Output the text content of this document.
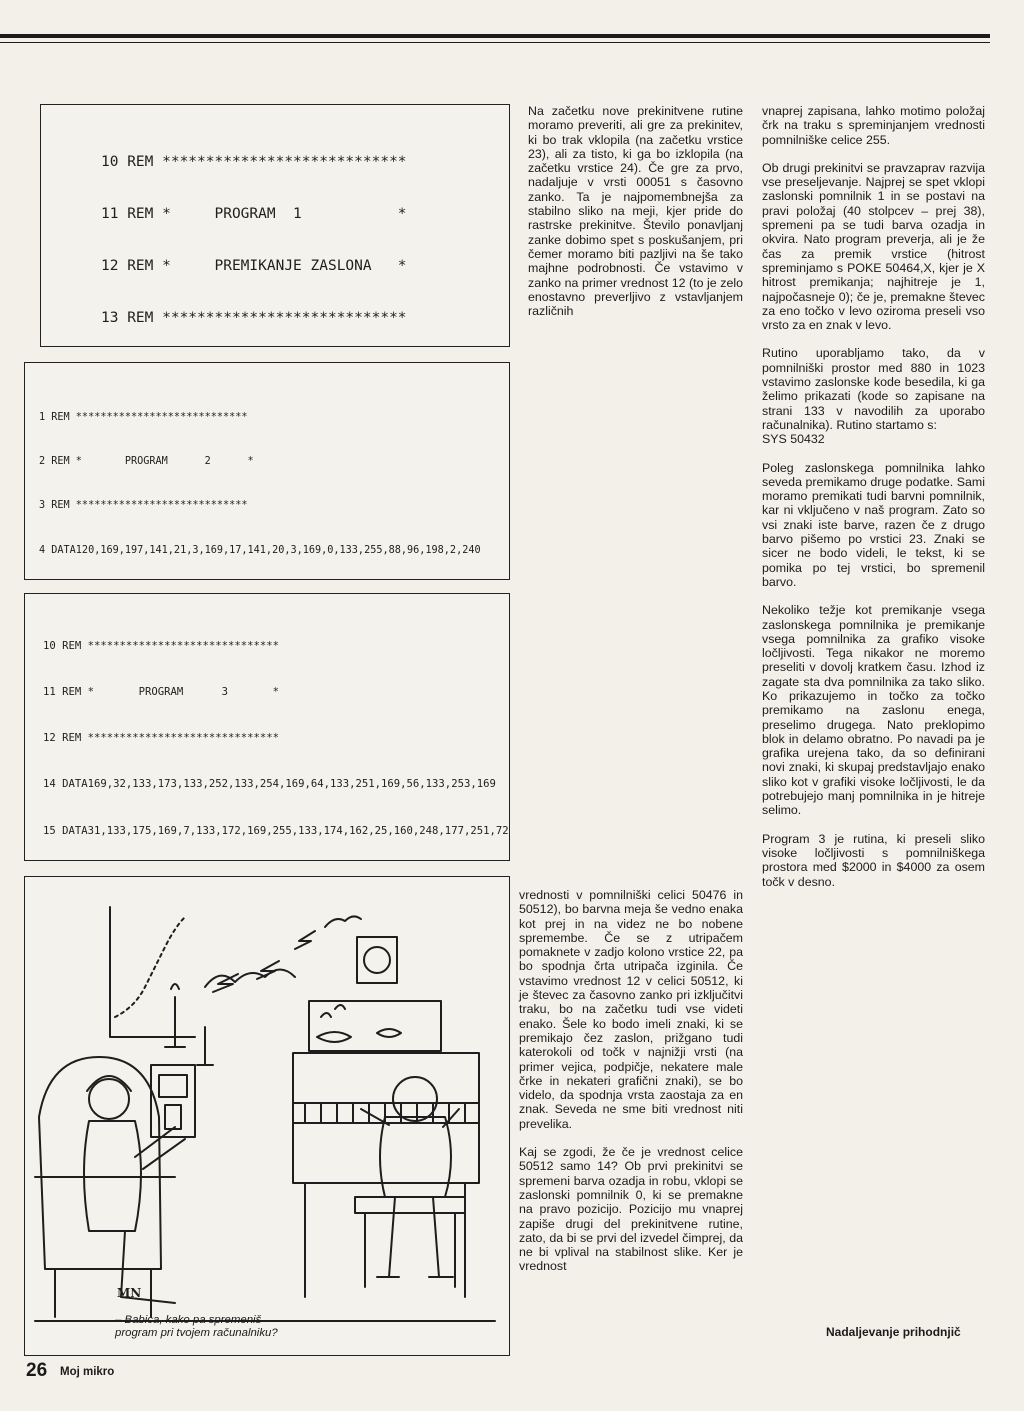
10 REM ****************************

11 REM *     PROGRAM  1           *

12 REM *     PREMIKANJE ZASLONA   *

13 REM ****************************

1 REM ****************************

2 REM *       PROGRAM      2      *

3 REM ****************************

4 DATA120,169,197,141,21,3,169,17,141,20,3,169,0,133,255,88,96,198,2,240

10 REM ******************************

11 REM *       PROGRAM      3       *

12 REM ******************************

14 DATA169,32,133,173,133,252,133,254,169,64,133,251,169,56,133,253,169

15 DATA31,133,175,169,7,133,172,169,255,133,174,162,25,160,248,177,251,72

Na začetku nove prekinitvene rutine moramo preveriti, ali gre za prekinitev, ki bo trak vklopila (na začetku vrstice 23), ali za tisto, ki ga bo izklopila (na začetku vrstice 24). Če gre za prvo, nadaljuje v vrsti 00051 s časovno zanko. Ta je najpomembnejša za stabilno sliko na meji, kjer pride do rastrske prekinitve. Število ponavljanj zanke dobimo spet s poskušanjem, pri čemer moramo biti pazljivi na še tako majhne podrobnosti. Če vstavimo v zanko na primer vrednost 12 (to je zelo enostavno preverljivo z vstavljanjem različnih

vrednosti v pomnilniški celici 50476 in 50512), bo barvna meja še vedno enaka kot prej in na videz ne bo nobene spremembe. Če se z utripačem pomaknete v zadjo kolono vrstice 22, pa bo spodnja črta utripača izginila. Če vstavimo vrednost 12 v celici 50512, ki je števec za časovno zanko pri izključitvi traku, bo na začetku tudi vse videti enako. Šele ko bodo imeli znaki, ki se premikajo čez zaslon, prižgano tudi katerokoli od točk v najnižji vrsti (na primer vejica, podpičje, nekatere male črke in nekateri grafični znaki), se bo videlo, da spodnja vrsta zaostaja za en znak. Seveda ne sme biti vrednost niti prevelika.

Kaj se zgodi, že če je vrednost celice 50512 samo 14? Ob prvi prekinitvi se spremeni barva ozadja in robu, vklopi se zaslonski pomnilnik 0, ki se premakne na pravo pozicijo. Pozicijo mu vnaprej zapiše drugi del prekinitvene rutine, zato, da bi se prvi del izvedel čimprej, da ne bi vplival na stabilnost slike. Ker je vrednost

vnaprej zapisana, lahko motimo položaj črk na traku s spreminjanjem vrednosti pomnilniške celice 255.

Ob drugi prekinitvi se pravzaprav razvija vse preseljevanje. Najprej se spet vklopi zaslonski pomnilnik 1 in se postavi na pravi položaj (40 stolpcev – prej 38), spremeni pa se tudi barva ozadja in okvira. Nato program preverja, ali je že čas za premik vrstice (hitrost spreminjamo s POKE 50464,X, kjer je X hitrost premikanja; najhitreje je 1, najpočasneje 0); če je, premakne števec za eno točko v levo oziroma preseli vso vrsto za en znak v levo.

Rutino uporabljamo tako, da v pomnilniški prostor med 880 in 1023 vstavimo zaslonske kode besedila, ki ga želimo prikazati (kode so zapisane na strani 133 v navodilih za uporabo računalnika). Rutino startamo s:
SYS 50432

Poleg zaslonskega pomnilnika lahko seveda premikamo druge podatke. Sami moramo premikati tudi barvni pomnilnik, kar ni vključeno v naš program. Zato so vsi znaki iste barve, razen če z drugo barvo pišemo po vrstici 23. Znaki se sicer ne bodo videli, le tekst, ki se pomika po tej vrstici, bo spremenil barvo.

Nekoliko težje kot premikanje vsega zaslonskega pomnilnika je premikanje vsega pomnilnika za grafiko visoke ločljivosti. Tega nikakor ne moremo preseliti v dovolj kratkem času. Izhod iz zagate sta dva pomnilnika za tako sliko. Ko prikazujemo in točko za točko premikamo na zaslonu enega, preselimo drugega. Nato preklopimo blok in delamo obratno. Po navadi pa je grafika urejena tako, da so definirani novi znaki, ki skupaj predstavljajo enako sliko kot v grafiki visoke ločljivosti, le da potrebujejo manj pomnilnika in je hitreje selimo.

Program 3 je rutina, ki preseli sliko visoke ločljivosti s pomnilniškega prostora med $2000 in $4000 za osem točk v desno.

MN
– Babica, kako pa spremeniš program pri tvojem računalniku?
26 Moj mikro
Nadaljevanje prihodnjič
